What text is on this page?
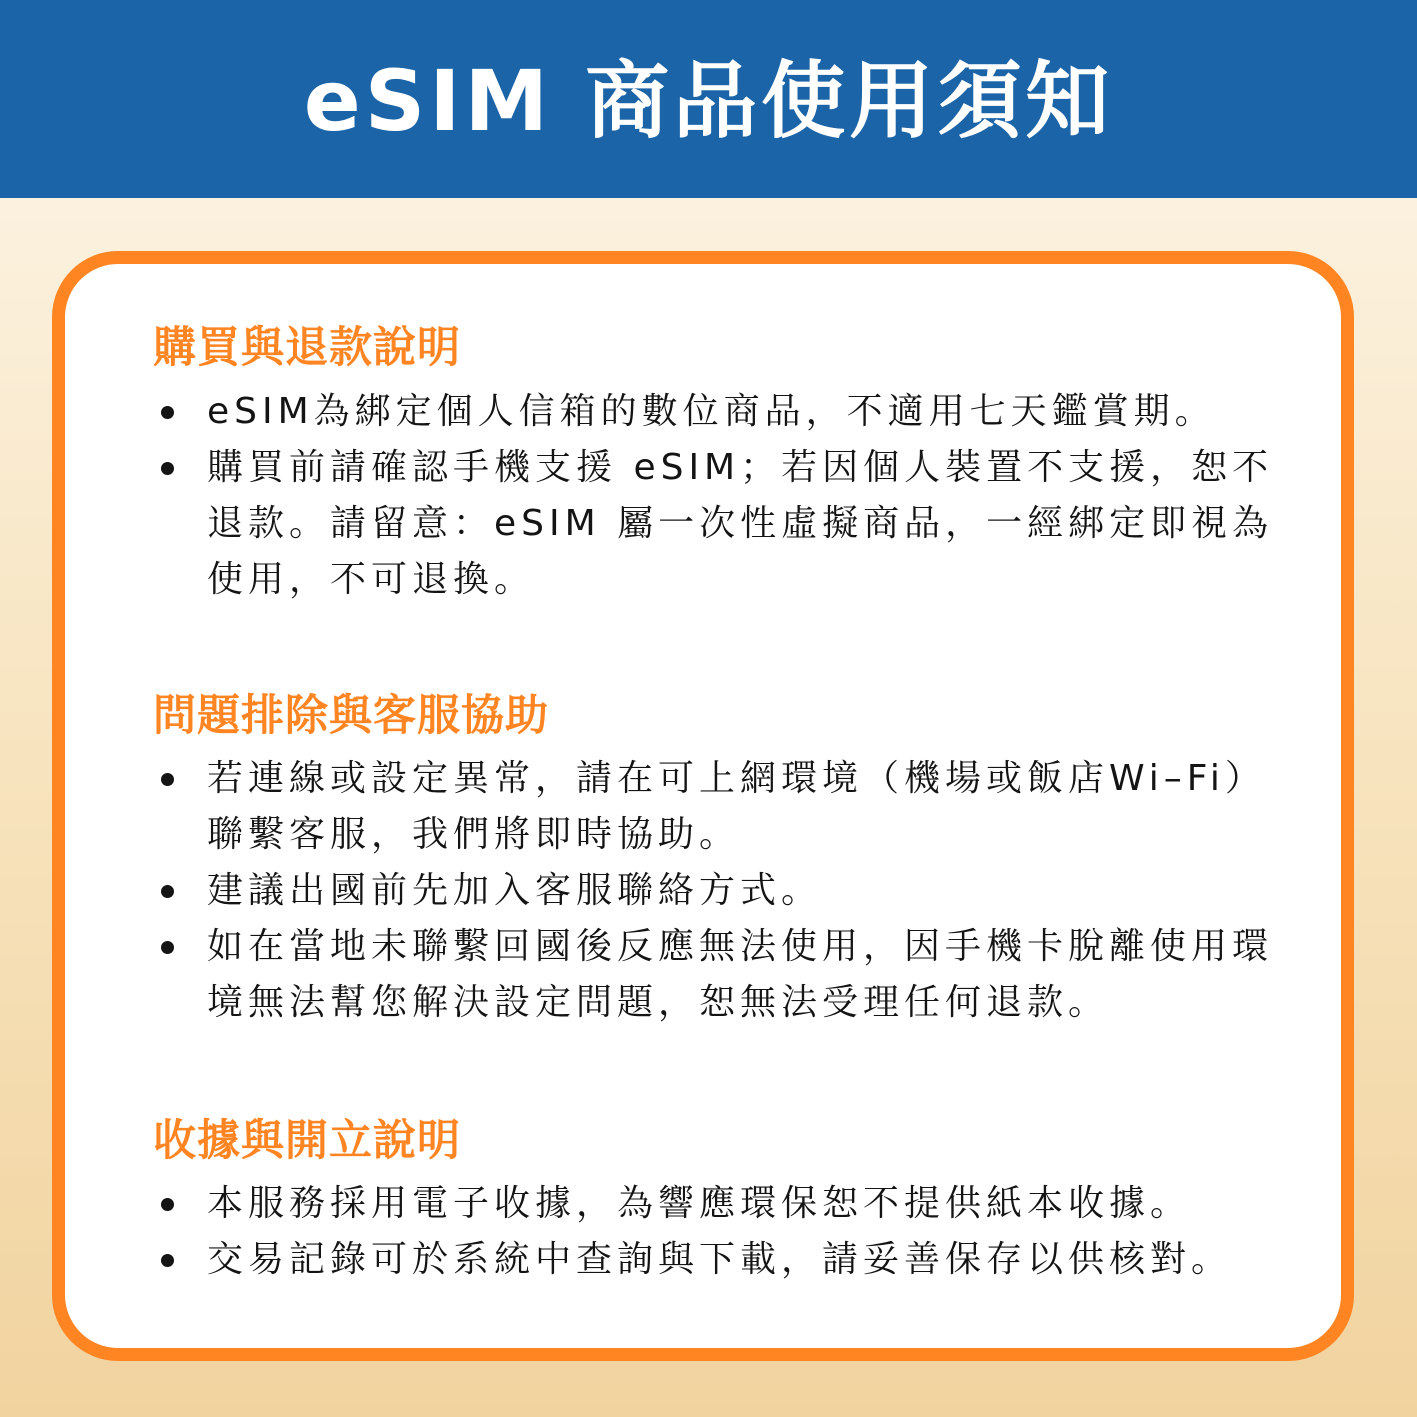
eSIM 商品使用須知
購買與退款說明
eSIM為綁定個人信箱的數位商品，不適用七天鑑賞期。
購買前請確認手機支援 eSIM；若因個人裝置不支援，恕不退款。請留意：eSIM 屬一次性虛擬商品，一經綁定即視為使用，不可退換。
問題排除與客服協助
若連線或設定異常，請在可上網環境（機場或飯店Wi–Fi）聯繫客服，我們將即時協助。
建議出國前先加入客服聯絡方式。
如在當地未聯繫回國後反應無法使用，因手機卡脫離使用環境無法幫您解決設定問題，恕無法受理任何退款。
收據與開立說明
本服務採用電子收據，為響應環保恕不提供紙本收據。
交易記錄可於系統中查詢與下載，請妥善保存以供核對。
